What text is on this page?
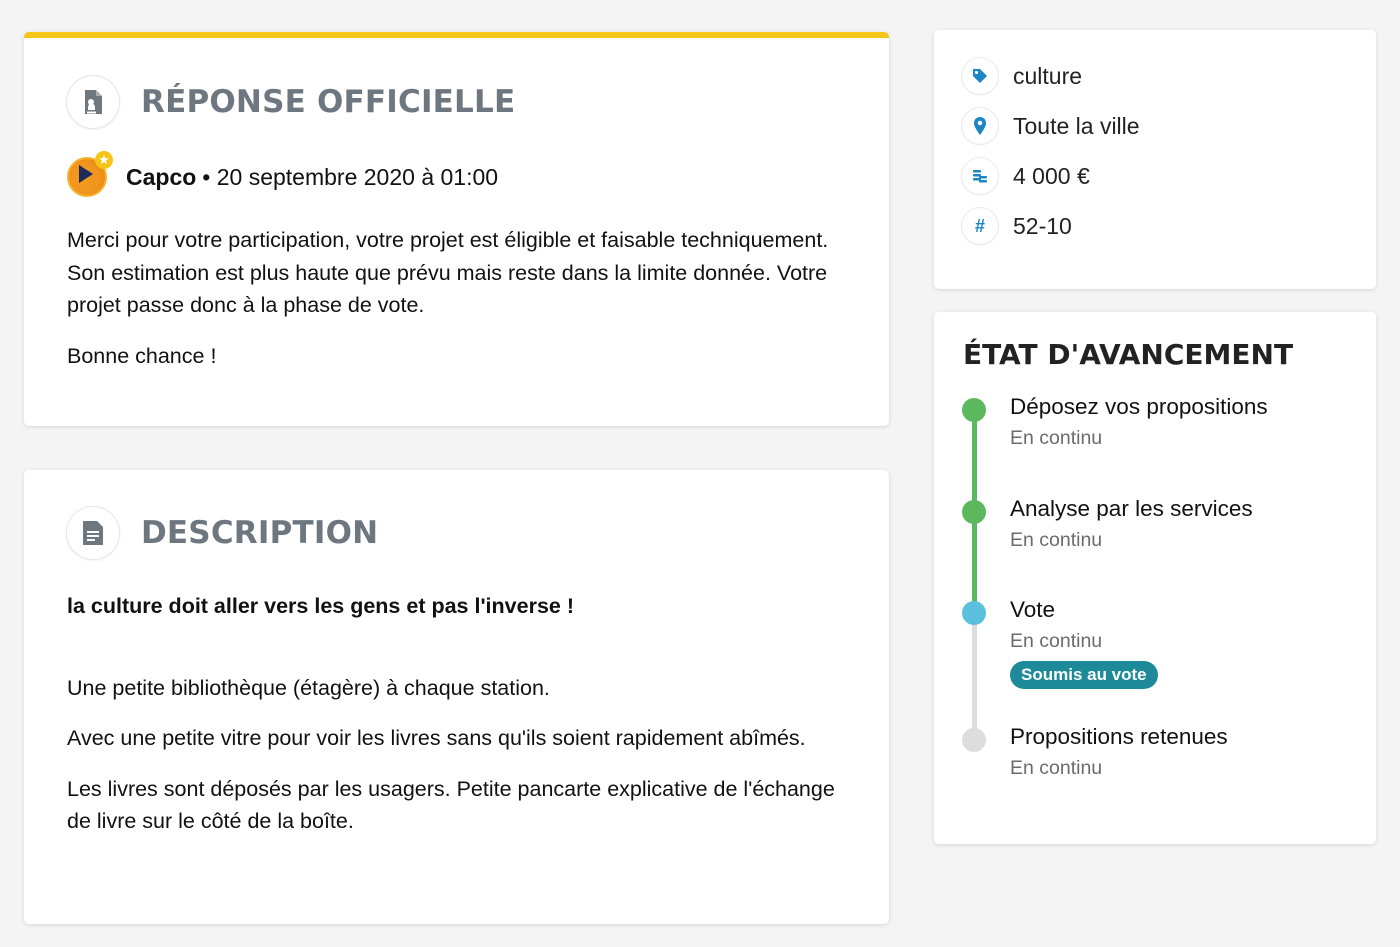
RÉPONSE OFFICIELLE
★
Capco • 20 septembre 2020 à 01:00

Merci pour votre participation, votre projet est éligible et faisable techniquement. Son estimation est plus haute que prévu mais reste dans la limite donnée. Votre projet passe donc à la phase de vote.

Bonne chance !

DESCRIPTION

la culture doit aller vers les gens et pas l'inverse !

Une petite bibliothèque (étagère) à chaque station.

Avec une petite vitre pour voir les livres sans qu'ils soient rapidement abîmés.

Les livres sont déposés par les usagers. Petite pancarte explicative de l'échange de livre sur le côté de la boîte.

culture
Toute la ville
4 000 €
#	52-10
ÉTAT D'AVANCEMENT
Déposez vos propositions
En continu
Analyse par les services
En continu
Vote
En continu
Soumis au vote
Propositions retenues
En continu
